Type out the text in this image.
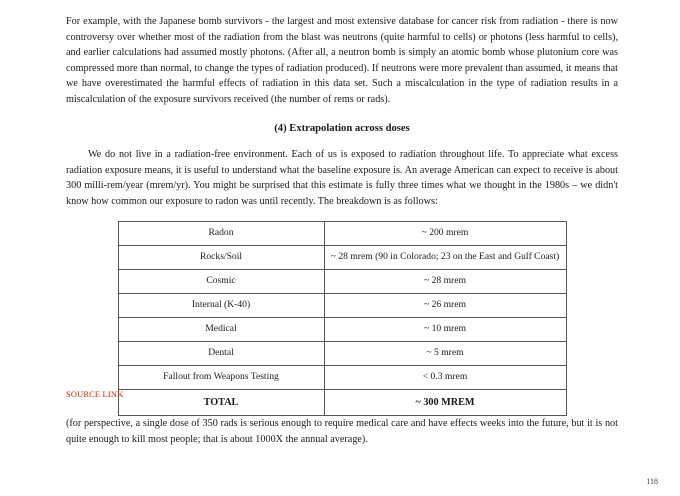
For example, with the Japanese bomb survivors - the largest and most extensive database for cancer risk from radiation - there is now controversy over whether most of the radiation from the blast was neutrons (quite harmful to cells) or photons (less harmful to cells), and earlier calculations had assumed mostly photons. (After all, a neutron bomb is simply an atomic bomb whose plutonium core was compressed more than normal, to change the types of radiation produced). If neutrons were more prevalent than assumed, it means that we have overestimated the harmful effects of radiation in this data set. Such a miscalculation in the type of radiation results in a miscalculation of the exposure survivors received (the number of rems or rads).

(4) Extrapolation across doses

We do not live in a radiation-free environment. Each of us is exposed to radiation throughout life. To appreciate what excess radiation exposure means, it is useful to understand what the baseline exposure is. An average American can expect to receive is about 300 milli-rem/year (mrem/yr). You might be surprised that this estimate is fully three times what we thought in the 1980s – we didn't know how common our exposure to radon was until recently. The breakdown is as follows:

Radon	~ 200 mrem
Rocks/Soil	~ 28 mrem (90 in Colorado; 23 on the East and Gulf Coast)
Cosmic	~ 28 mrem
Internal (K-40)	~ 26 mrem
Medical	~ 10 mrem
Dental	~ 5 mrem
Fallout from Weapons Testing	< 0.3 mrem
TOTAL	~ 300 MREM
SOURCE LINK

(for perspective, a single dose of 350 rads is serious enough to require medical care and have effects weeks into the future, but it is not quite enough to kill most people; that is about 1000X the annual average).

118
